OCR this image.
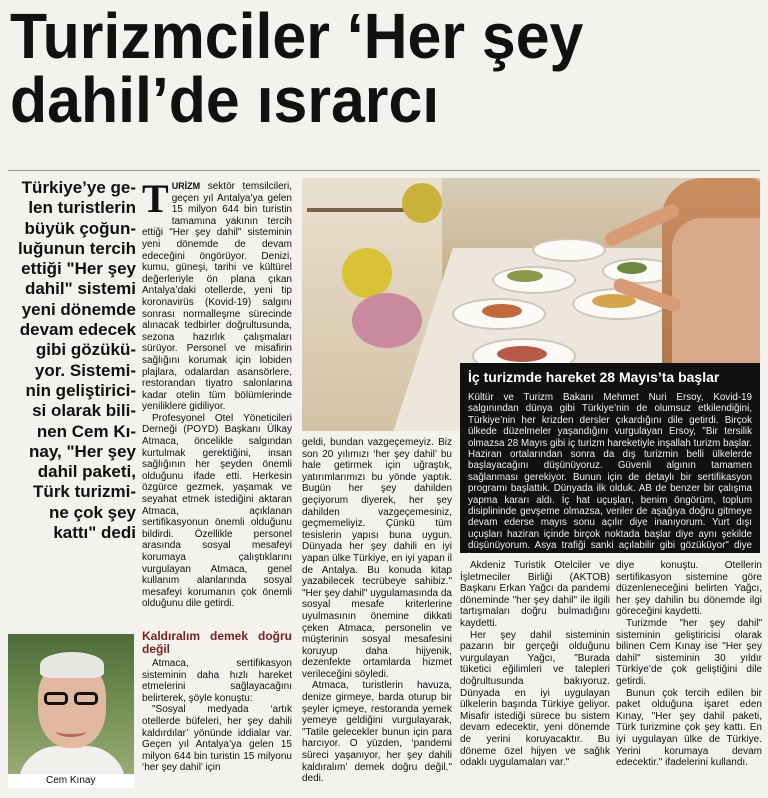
Turizmciler ‘Her şey
dahil’de ısrarcı

Türkiye’ye ge-

len turistlerin

büyük çoğun-

luğunun tercih

ettiği "Her şey

dahil" sistemi

yeni dönemde

devam edecek

gibi gözükü-

yor. Sistemi-

nin geliştirici-

si olarak bili-

nen Cem Kı-

nay, "Her şey

dahil paketi,

Türk turizmi-

ne çok şey

kattı" dedi

TURİZM sektör temsilcileri, geçen yıl Antalya’ya gelen 15 milyon 644 bin turistin tamamına yakının tercih ettiği "Her şey dahil" sisteminin yeni dönemde de devam edeceğini öngörüyor. Denizi, kumu, güneşi, tarihi ve kültürel değerleriyle ön plana çıkan Antalya’daki otellerde, yeni tip koronavirüs (Kovid-19) salgını sonrası normalleşme sürecinde alınacak tedbirler doğrultusunda, sezona hazırlık çalışmaları sürüyor. Personel ve misafirin sağlığını korumak için lobiden plajlara, odalardan asansörlere, restorandan tiyatro salonlarına kadar otelin tüm bölümlerinde yeniliklere gidiliyor.

Profesyonel Otel Yöneticileri Derneği (POYD) Başkanı Ülkay Atmaca, öncelikle salgından kurtulmak gerektiğini, insan sağlığının her şeyden önemli olduğunu ifade etti. Herkesin özgürce gezmek, yaşamak ve seyahat etmek istediğini aktaran Atmaca, açıklanan sertifikasyonun önemli olduğunu bildirdi. Özellikle personel arasında sosyal mesafeyi korumaya çalıştıklarını vurgulayan Atmaca, genel kullanım alanlarında sosyal mesafeyi korumanın çok önemli olduğunu dile getirdi.

Kaldıralım demek doğru değil

Atmaca, sertifikasyon sisteminin daha hızlı hareket etmelerini sağlayacağını belirterek, şöyle konuştu:

"Sosyal medyada ‘artık otellerde büfeleri, her şey dahili kaldırdılar’ yönünde iddialar var. Geçen yıl Antalya’ya gelen 15 milyon 644 bin turistin 15 milyonu ‘her şey dahil’ için

geldi, bundan vazgeçemeyiz. Biz son 20 yılımızı ‘her şey dahil’ bu hale getirmek için uğraştık, yatırımlarımızı bu yönde yaptık. Bugün her şey dahilden geçiyorum diyerek, her şey dahilden vazgeçemesiniz, geçmemeliyiz. Çünkü tüm tesislerin yapısı buna uygun. Dünyada her şey dahili en iyi yapan ülke Türkiye, en iyi yapan il de Antalya. Bu konuda kitap yazabilecek tecrübeye sahibiz." "Her şey dahil" uygulamasında da sosyal mesafe kriterlerine uyulmasının önemine dikkati çeken Atmaca, personelin ve müşterinin sosyal mesafesini koruyup daha hijyenik, dezenfekte ortamlarda hizmet verileceğini söyledi.

Atmaca, turistlerin havuza, denize girmeye, barda oturup bir şeyler içmeye, restoranda yemek yemeye geldiğini vurgulayarak, "Tatile gelecekler bunun için para harcıyor. O yüzden, ‘pandemi süreci yaşanıyor, her şey dahili kaldıralım’ demek doğru değil." dedi.

Akdeniz Turistik Otelciler ve İşletmeciler Birliği (AKTOB) Başkanı Erkan Yağcı da pandemi döneminde "her şey dahil" ile ilgili tartışmaları doğru bulmadığını kaydetti.

Her şey dahil sisteminin pazarın bir gerçeği olduğunu vurgulayan Yağcı, "Burada tüketici eğilimleri ve talepleri doğrultusunda bakıyoruz. Dünyada en iyi uygulayan ülkelerin başında Türkiye geliyor. Misafir istediği sürece bu sistem devam edecektir, yeni dönemde de yerini koruyacaktır. Bu döneme özel hijyen ve sağlık odaklı uygulamaları var."

diye konuştu. Otellerin sertifikasyon sistemine göre düzenleneceğini belirten Yağcı, her şey dahilin bu dönemde ilgi göreceğini kaydetti.

Turizmde "her şey dahil" sisteminin geliştiricisi olarak bilinen Cem Kınay ise "Her şey dahil" sisteminin 30 yıldır Türkiye’de çok geliştiğini dile getirdi.

Bunun çok tercih edilen bir paket olduğuna işaret eden Kınay, "Her şey dahil paketi, Türk turizmine çok şey kattı. En iyi uygulayan ülke de Türkiye. Yerini korumaya devam edecektir." ifadelerini kullandı.

İç turizmde hareket 28 Mayıs’ta başlar

Kültür ve Turizm Bakanı Mehmet Nuri Ersoy, Kovid-19 salgınından dünya gibi Türkiye’nin de olumsuz etkilendiğini, Türkiye’nin her krizden dersler çıkardığını dile getirdi. Birçok ülkede düzelmeler yaşandığını vurgulayan Ersoy, "Bir tersilik olmazsa 28 Mayıs gibi iç turizm hareketiyle inşallah turizm başlar. Haziran ortalarından sonra da dış turizmin belli ülkelerde başlayacağını düşünüyoruz. Güvenli algının tamamen sağlanması gerekiyor. Bunun için de detaylı bir sertifikasyon programı başlattık. Dünyada ilk olduk. AB de benzer bir çalışma yapma kararı aldı. İç hat uçuşları, benim öngörüm, toplum disiplininde gevşeme olmazsa, veriler de aşağıya doğru gitmeye devam ederse mayıs sonu açılır diye inanıyorum. Yurt dışı uçuşları haziran içinde birçok noktada başlar diye aynı şekilde düşünüyorum. Asya trafiği sanki açılabilir gibi gözüküyor" diye konuştu.

Cem Kınay
